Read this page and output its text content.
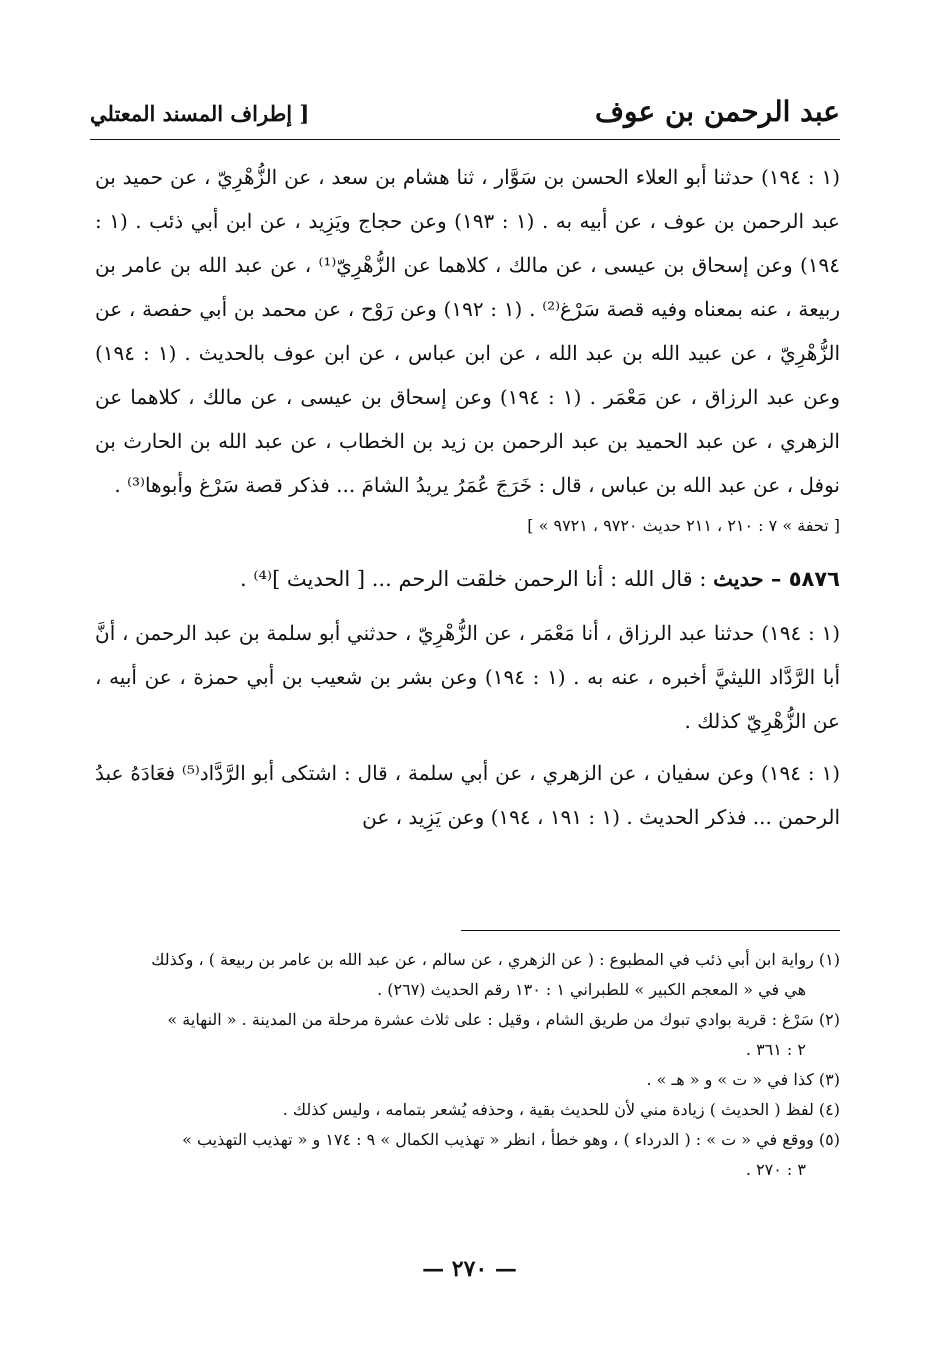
عبد الرحمن بن عوف
[ إطراف المسند المعتلي

(١ : ١٩٤) حدثنا أبو العلاء الحسن بن سَوَّار ، ثنا هشام بن سعد ، عن الزُّهْرِيّ ، عن حميد بن عبد الرحمن بن عوف ، عن أبيه به . (١ : ١٩٣) وعن حجاج ويَزِيد ، عن ابن أبي ذئب . (١ : ١٩٤) وعن إسحاق بن عيسى ، عن مالك ، كلاهما عن الزُّهْرِيّ⁽¹⁾ ، عن عبد الله بن عامر بن ربيعة ، عنه بمعناه وفيه قصة سَرْغ⁽²⁾ . (١ : ١٩٢) وعن رَوْح ، عن محمد بن أبي حفصة ، عن الزُّهْرِيّ ، عن عبيد الله بن عبد الله ، عن ابن عباس ، عن ابن عوف بالحديث . (١ : ١٩٤) وعن عبد الرزاق ، عن مَعْمَر . (١ : ١٩٤) وعن إسحاق بن عيسى ، عن مالك ، كلاهما عن الزهري ، عن عبد الحميد بن عبد الرحمن بن زيد بن الخطاب ، عن عبد الله بن الحارث بن نوفل ، عن عبد الله بن عباس ، قال : خَرَجَ عُمَرُ يريدُ الشامَ ... فذكر قصة سَرْغ وأبوها⁽³⁾ .

[ « تحفة » ٧ : ٢١٠ ، ٢١١ حديث ٩٧٢٠ ، ٩٧٢١ ]

٥٨٧٦ – حديث : قال الله : أنا الرحمن خلقت الرحم ... [ الحديث ]⁽⁴⁾ .

(١ : ١٩٤) حدثنا عبد الرزاق ، أنا مَعْمَر ، عن الزُّهْرِيّ ، حدثني أبو سلمة بن عبد الرحمن ، أنَّ أبا الرَّدَّاد الليثيَّ أخبره ، عنه به . (١ : ١٩٤) وعن بشر بن شعيب بن أبي حمزة ، عن أبيه ، عن الزُّهْرِيّ كذلك .

(١ : ١٩٤) وعن سفيان ، عن الزهري ، عن أبي سلمة ، قال : اشتكى أبو الرَّدَّاد⁽⁵⁾ فعَادَهُ عبدُ الرحمن ... فذكر الحديث . (١ : ١٩١ ، ١٩٤) وعن يَزِيد ، عن

(١) رواية ابن أبي ذئب في المطبوع : ( عن الزهري ، عن سالم ، عن عبد الله بن عامر بن ربيعة ) ، وكذلك
هي في « المعجم الكبير » للطبراني ١ : ١٣٠ رقم الحديث (٢٦٧) .

(٢) سَرْغ : قرية بوادي تبوك من طريق الشام ، وقيل : على ثلاث عشرة مرحلة من المدينة . « النهاية »
٢ : ٣٦١ .

(٣) كذا في « ت » و « هـ » .

(٤) لفظ ( الحديث ) زيادة مني لأن للحديث بقية ، وحذفه يُشعر بتمامه ، وليس كذلك .

(٥) ووقع في « ت » : ( الدرداء ) ، وهو خطأ ، انظر « تهذيب الكمال » ٩ : ١٧٤ و « تهذيب التهذيب »
٣ : ٢٧٠ .

— ٢٧٠ —
